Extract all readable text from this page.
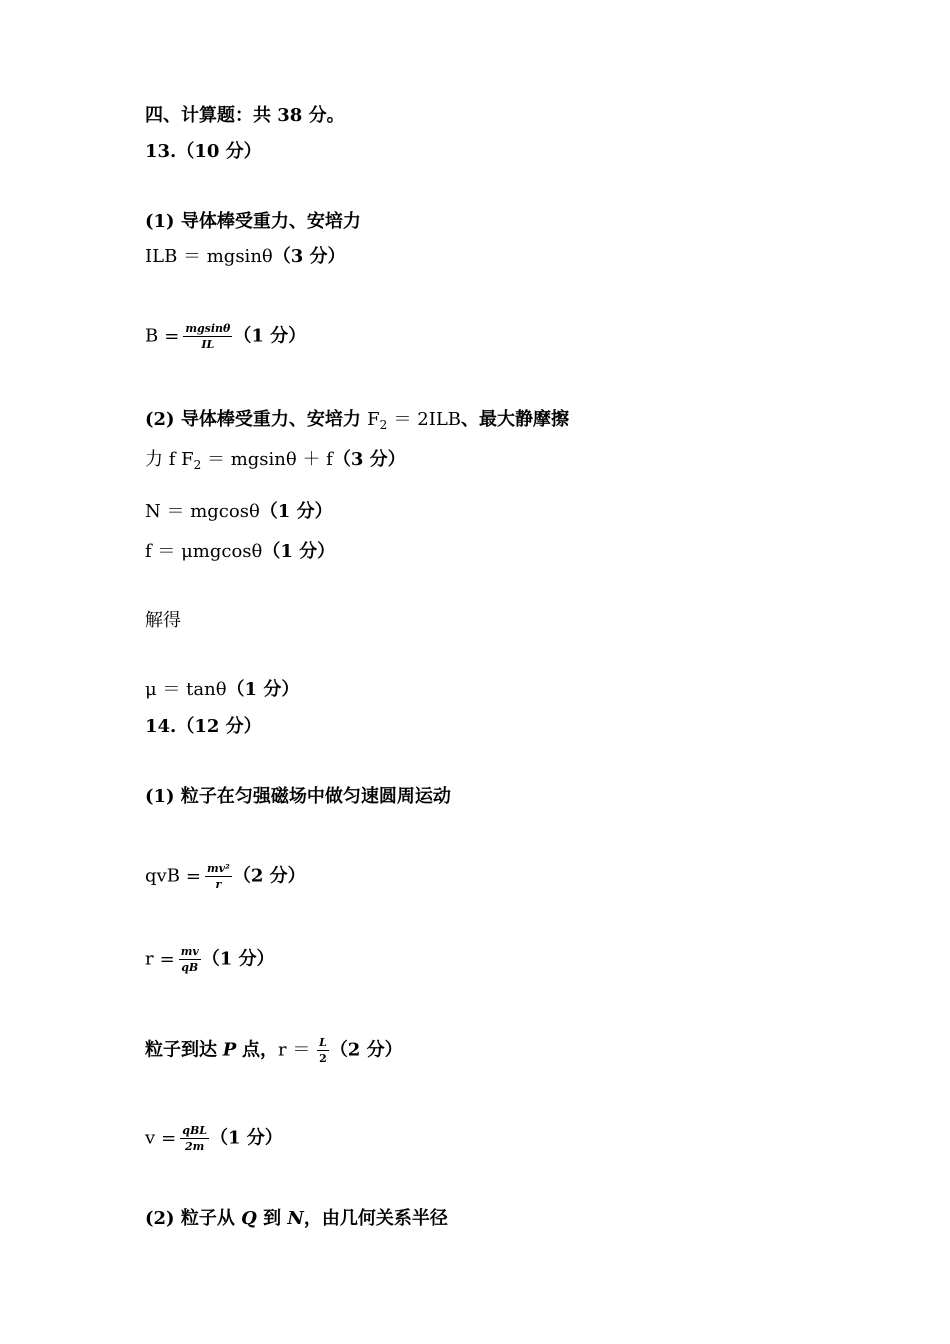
四、计算题：共 38 分。
13.（10 分）
(1) 导体棒受重力、安培力
ILB ＝ mgsinθ（3 分）
$B = \frac{mgsin\theta}{IL} (1$ 分）
(2) 导体棒受重力、安培力 $F_2 = 2ILB$、最大静摩擦
力 f $F_2 = mgsin\theta + f(3$ 分）
N ＝ mgcosθ（1 分）
f ＝ μmgcosθ（1 分）
解得
μ ＝ tanθ（1 分）
14.（12 分）
(1) 粒子在匀强磁场中做匀速圆周运动
qvB = $\frac{\text{mv²}}{r} (2$ 分）
$r = \frac{mv}{qB} (1$ 分）
粒子到达 P 点，$r = \frac{L}{2} (2$ 分）
$v = \frac{\text{qBL}}{2m} (1$ 分）
(2) 粒子从 Q 到 N，由几何关系半径
